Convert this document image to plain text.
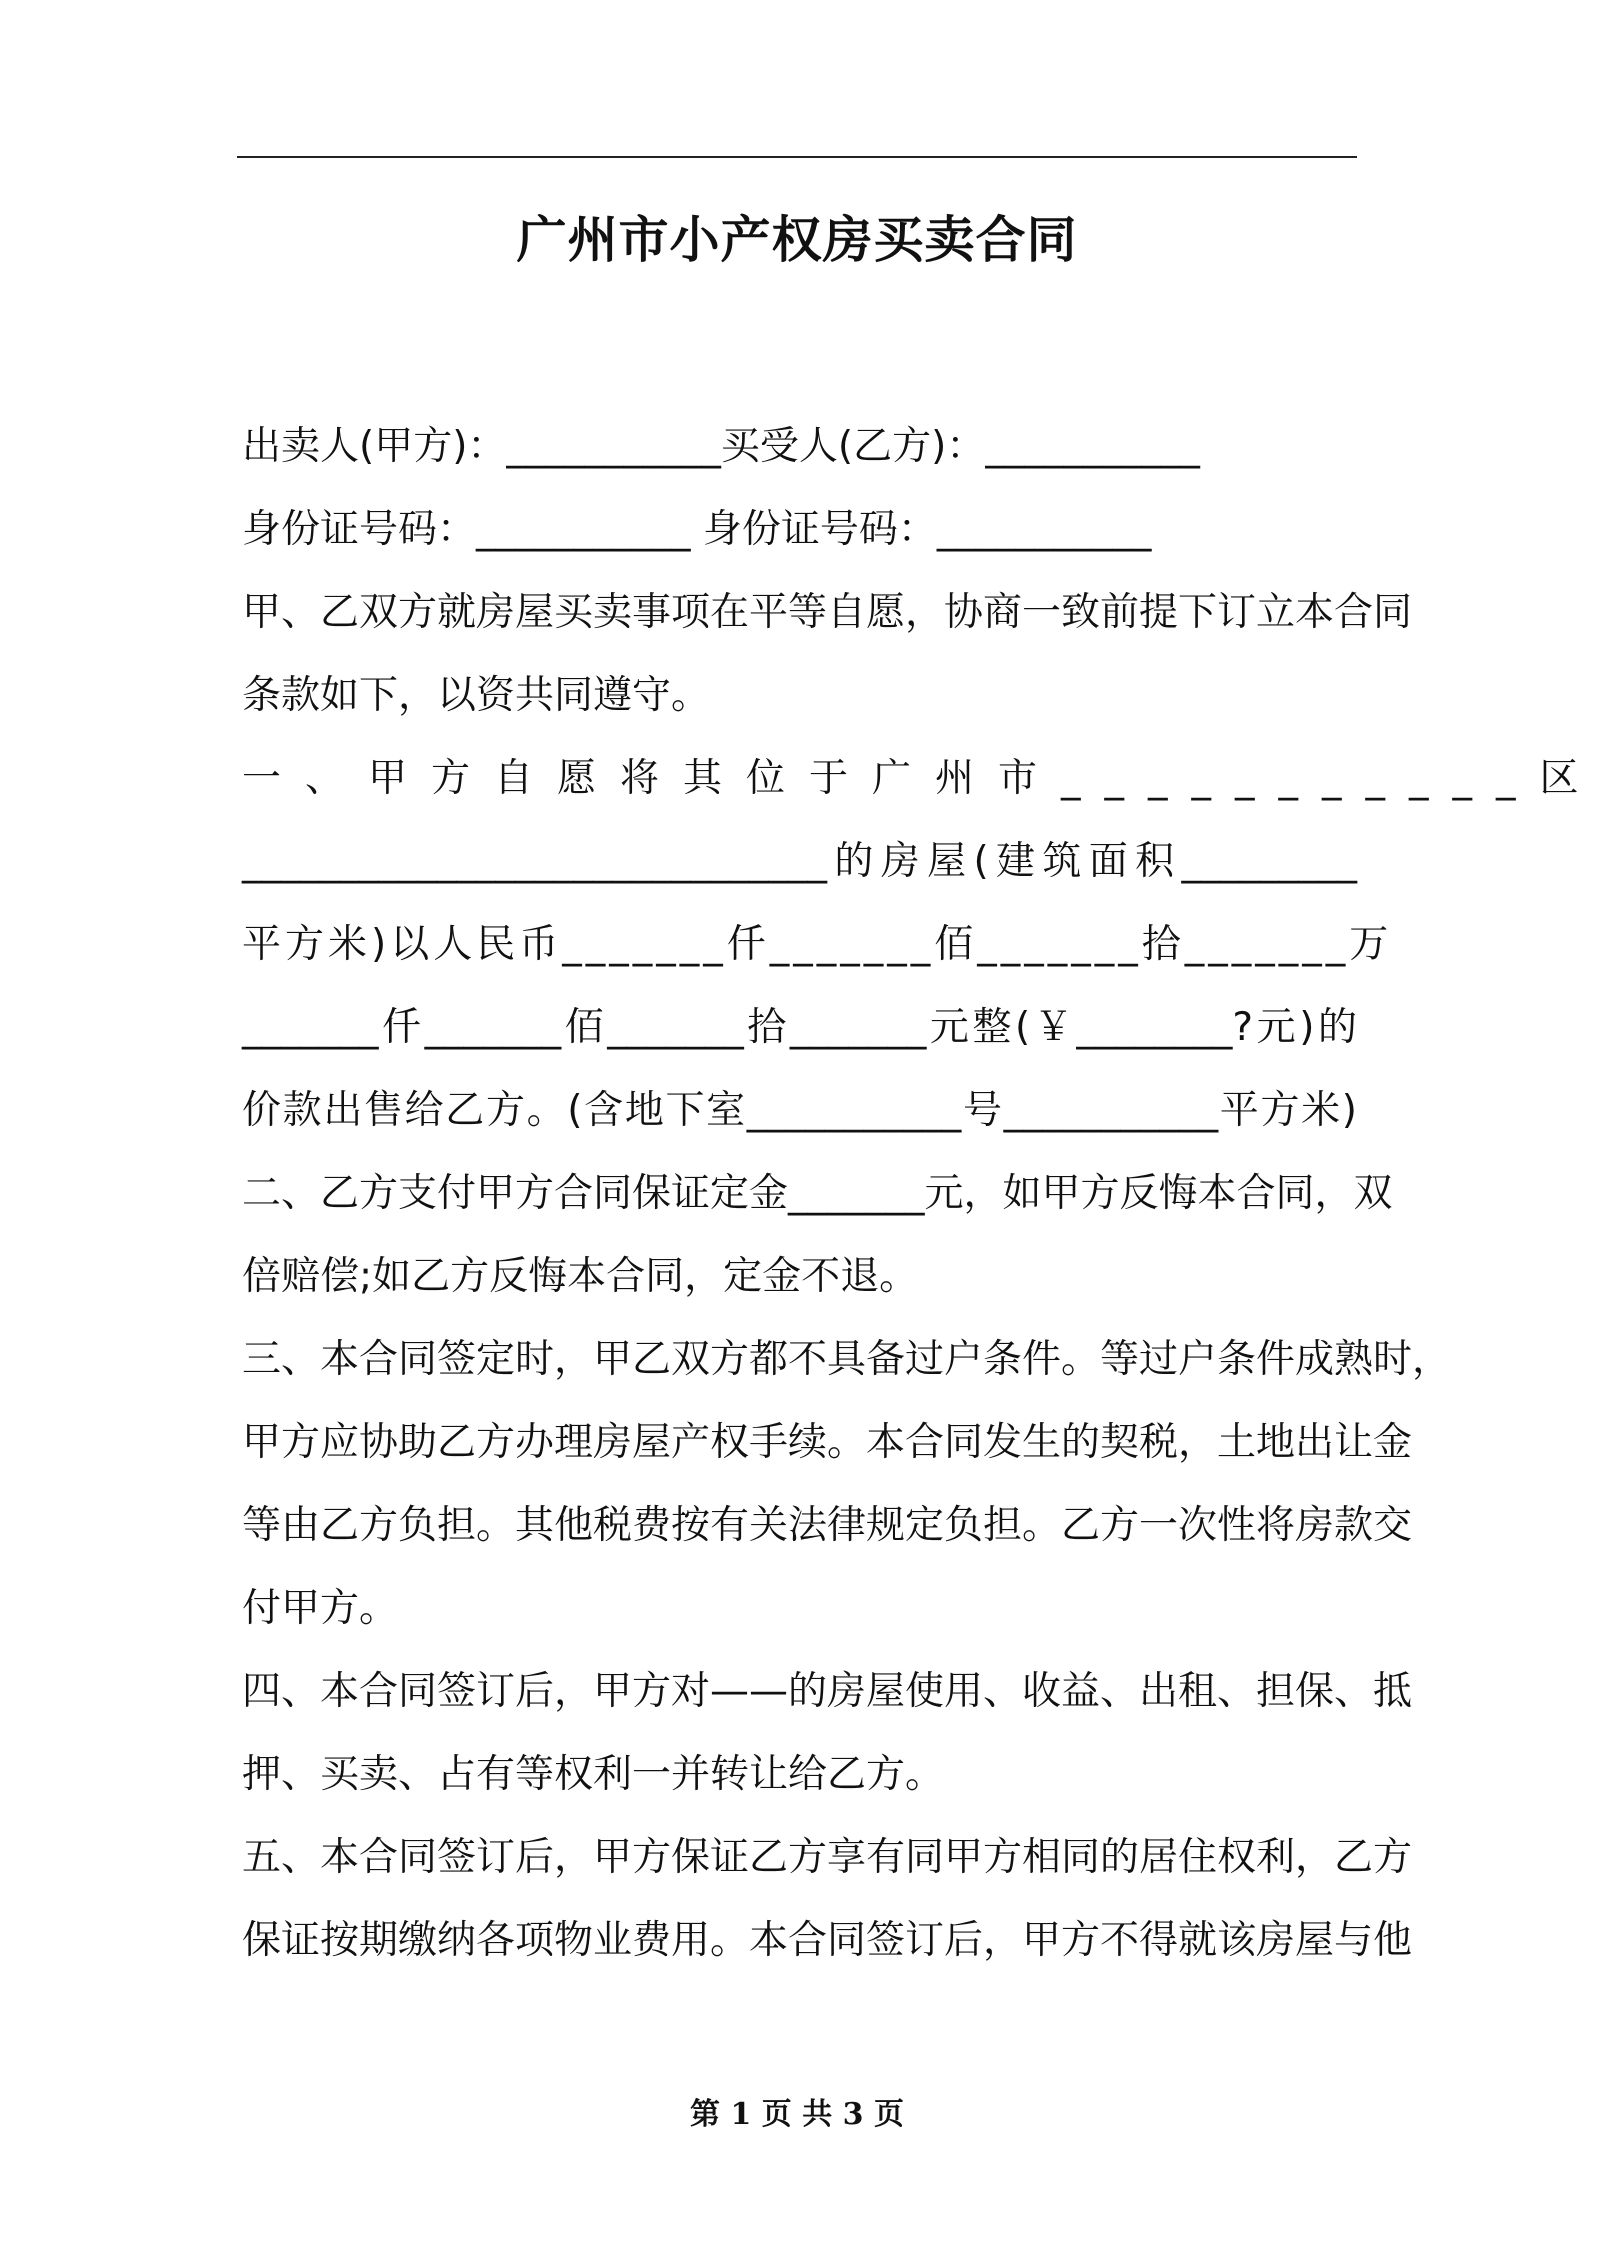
广州市小产权房买卖合同
出卖人(甲方)：___________买受人(乙方)：___________
身份证号码：___________ 身份证号码：___________
甲、乙双方就房屋买卖事项在平等自愿，协商一致前提下订立本合同
条款如下，以资共同遵守。
一、甲方自愿将其位于广州市___________区
______________________________的房屋(建筑面积_________
平方米)以人民币_______仟_______佰_______拾_______万
_______仟_______佰_______拾_______元整(￥________?元)的
价款出售给乙方。(含地下室___________号___________平方米)
二、乙方支付甲方合同保证定金_______元，如甲方反悔本合同，双
倍赔偿;如乙方反悔本合同，定金不退。
三、本合同签定时，甲乙双方都不具备过户条件。等过户条件成熟时，
甲方应协助乙方办理房屋产权手续。本合同发生的契税，土地出让金
等由乙方负担。其他税费按有关法律规定负担。乙方一次性将房款交
付甲方。
四、本合同签订后，甲方对——的房屋使用、收益、出租、担保、抵
押、买卖、占有等权利一并转让给乙方。
五、本合同签订后，甲方保证乙方享有同甲方相同的居住权利，乙方
保证按期缴纳各项物业费用。本合同签订后，甲方不得就该房屋与他
第 1 页 共 3 页
